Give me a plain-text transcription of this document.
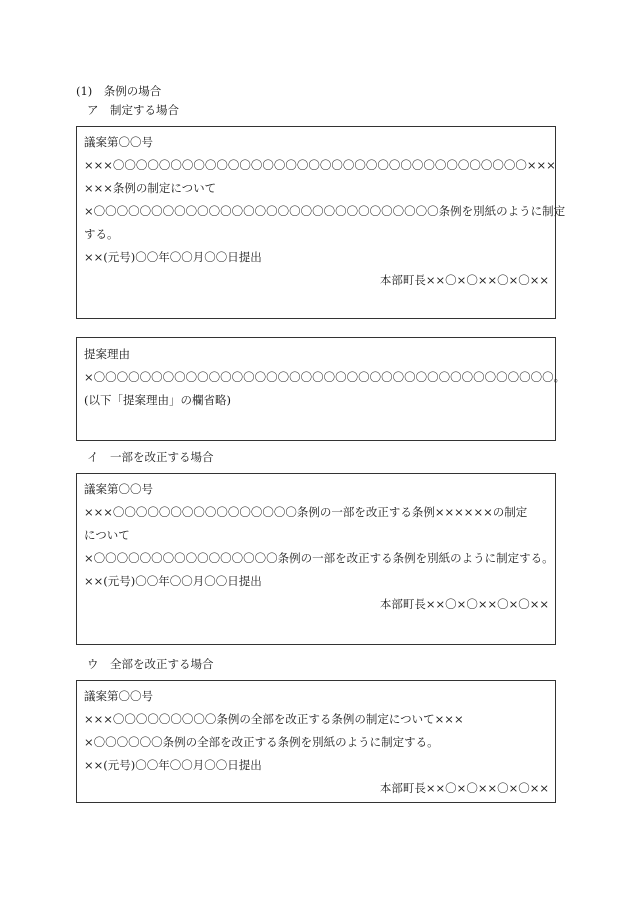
(1)　条例の場合
ア　制定する場合
議案第〇〇号
×××〇〇〇〇〇〇〇〇〇〇〇〇〇〇〇〇〇〇〇〇〇〇〇〇〇〇〇〇〇〇〇〇〇〇〇〇×××
×××条例の制定について
×〇〇〇〇〇〇〇〇〇〇〇〇〇〇〇〇〇〇〇〇〇〇〇〇〇〇〇〇〇〇条例を別紙のように制定
する。
××(元号)〇〇年〇〇月〇〇日提出
本部町長××〇×〇××〇×〇××
提案理由
×〇〇〇〇〇〇〇〇〇〇〇〇〇〇〇〇〇〇〇〇〇〇〇〇〇〇〇〇〇〇〇〇〇〇〇〇〇〇〇〇。
(以下「提案理由」の欄省略)
イ　一部を改正する場合
議案第〇〇号
×××〇〇〇〇〇〇〇〇〇〇〇〇〇〇〇〇条例の一部を改正する条例××××××の制定
について
×〇〇〇〇〇〇〇〇〇〇〇〇〇〇〇〇条例の一部を改正する条例を別紙のように制定する。
××(元号)〇〇年〇〇月〇〇日提出
本部町長××〇×〇××〇×〇××
ウ　全部を改正する場合
議案第〇〇号
×××〇〇〇〇〇〇〇〇〇条例の全部を改正する条例の制定について×××
×〇〇〇〇〇〇条例の全部を改正する条例を別紙のように制定する。
××(元号)〇〇年〇〇月〇〇日提出
本部町長××〇×〇××〇×〇××
